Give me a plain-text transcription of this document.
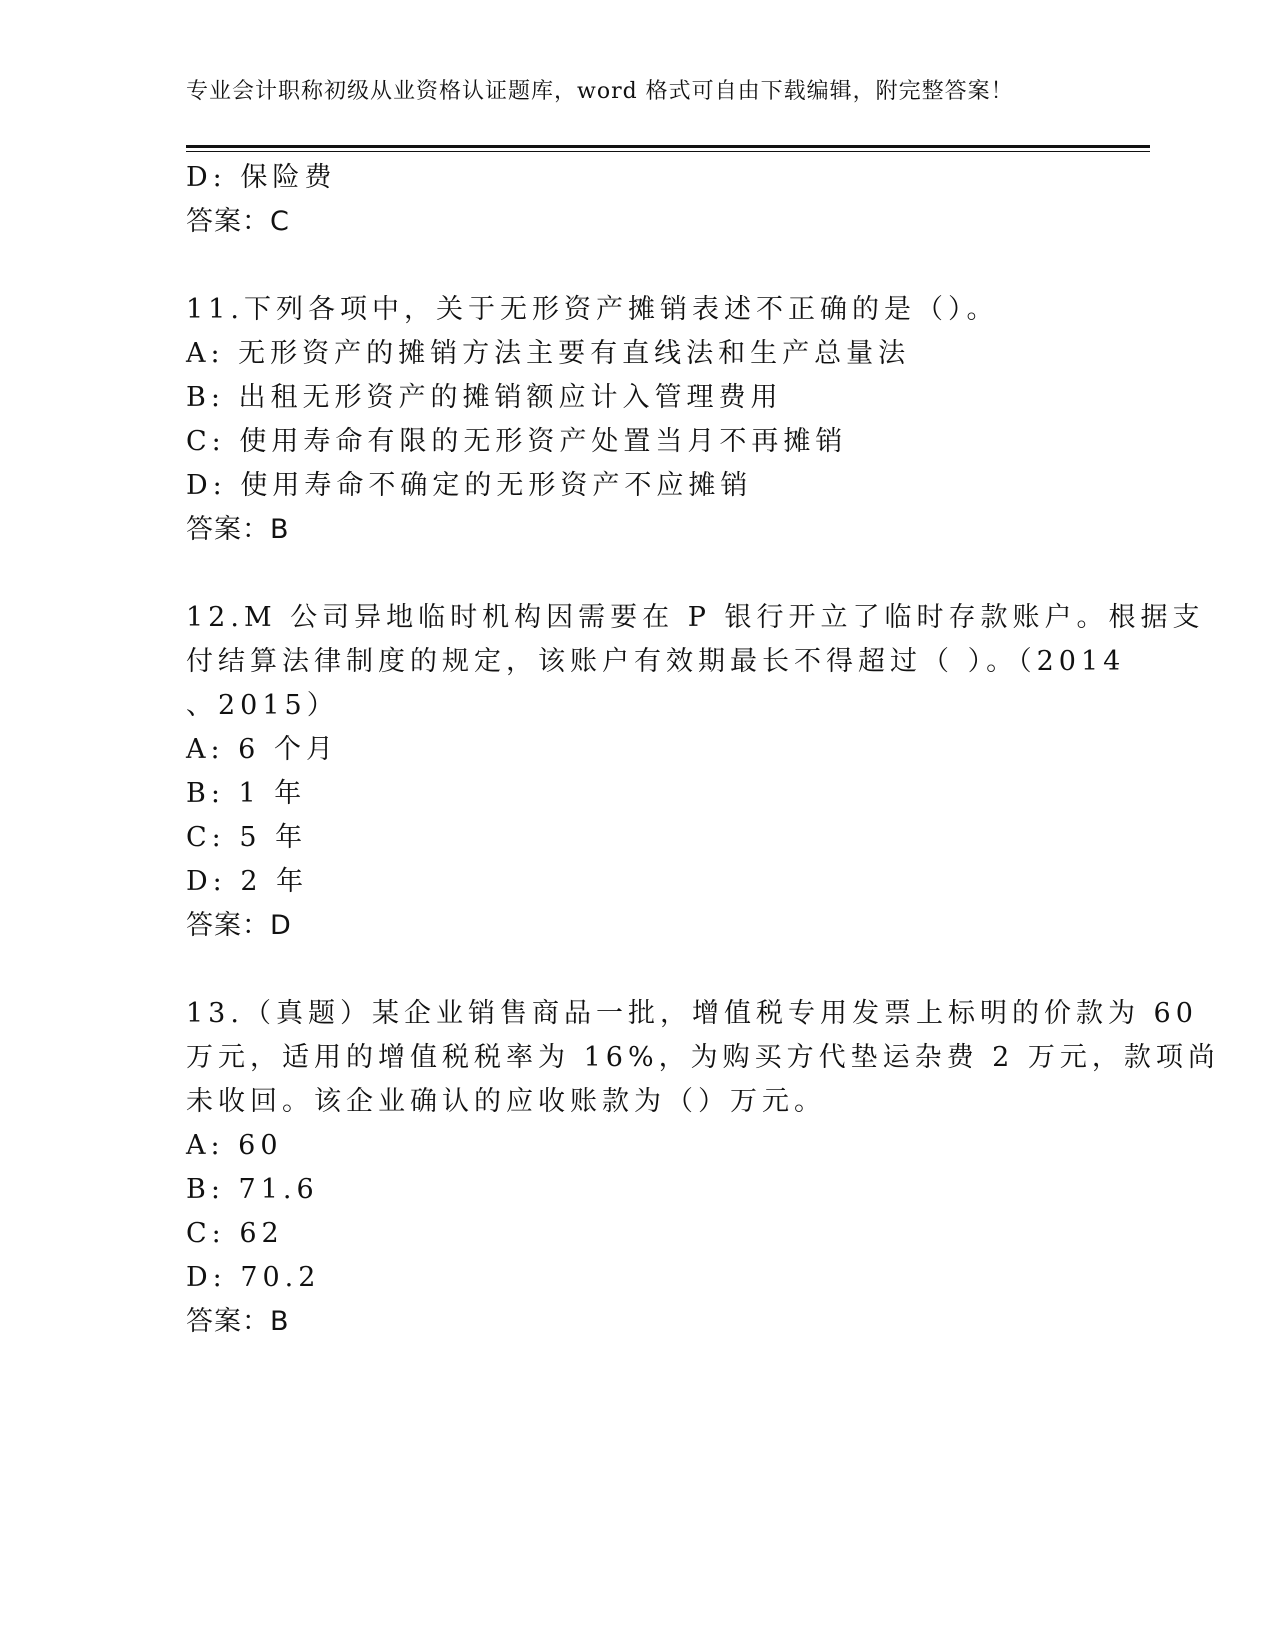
专业会计职称初级从业资格认证题库，word 格式可自由下载编辑，附完整答案！
D: 保险费
答案：C
11.下列各项中，关于无形资产摊销表述不正确的是（）。
A: 无形资产的摊销方法主要有直线法和生产总量法
B: 出租无形资产的摊销额应计入管理费用
C: 使用寿命有限的无形资产处置当月不再摊销
D: 使用寿命不确定的无形资产不应摊销
答案：B
12.M 公司异地临时机构因需要在 P 银行开立了临时存款账户。根据支
付结算法律制度的规定，该账户有效期最长不得超过（ ）。（2014
、2015）
A: 6 个月
B: 1 年
C: 5 年
D: 2 年
答案：D
13.（真题）某企业销售商品一批，增值税专用发票上标明的价款为 60
万元，适用的增值税税率为 16%，为购买方代垫运杂费 2 万元，款项尚
未收回。该企业确认的应收账款为（）万元。
A: 60
B: 71.6
C: 62
D: 70.2
答案：B
